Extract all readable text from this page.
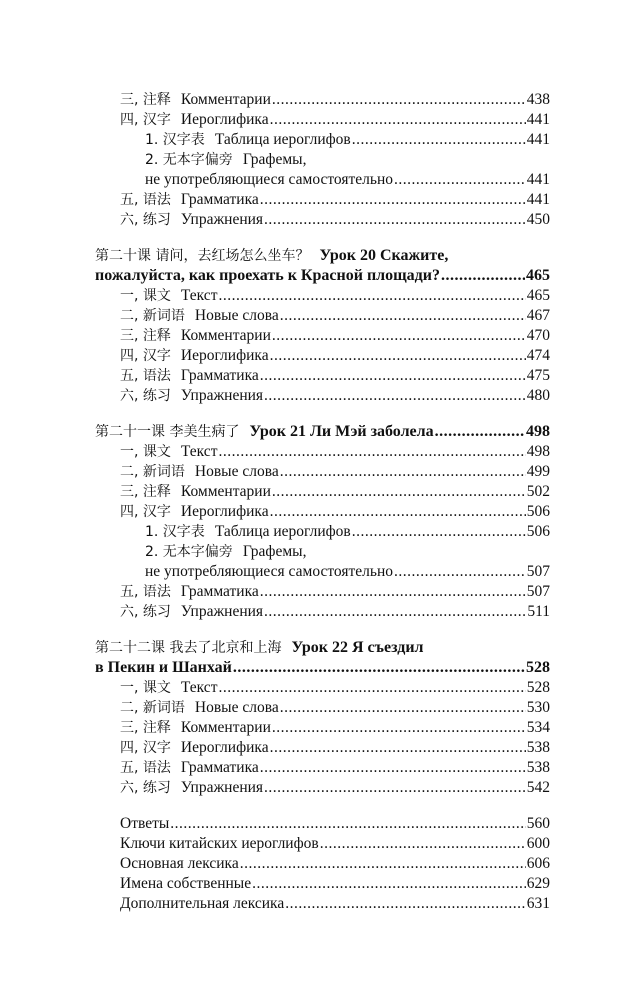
三, 注释 Комментарии .....	438
四, 汉字 Иероглифика .....	441
1. 汉字表 Таблица иероглифов .....	441
2. 无本字偏旁 Графемы,
не употребляющиеся самостоятельно .....	441
五, 语法 Грамматика .....	441
六, 练习 Упражнения .....	450
第二十课 请问，去红场怎么坐车？ Урок 20 Скажите,
пожалуйста, как проехать к Красной площади? .....	465
一, 课文 Текст .....	465
二, 新词语 Новые слова .....	467
三, 注释 Комментарии .....	470
四, 汉字 Иероглифика .....	474
五, 语法 Грамматика .....	475
六, 练习 Упражнения .....	480
第二十一课 李美生病了 Урок 21 Ли Мэй заболела .....	498
一, 课文 Текст .....	498
二, 新词语 Новые слова .....	499
三, 注释 Комментарии .....	502
四, 汉字 Иероглифика .....	506
1. 汉字表 Таблица иероглифов .....	506
2. 无本字偏旁 Графемы,
не употребляющиеся самостоятельно .....	507
五, 语法 Грамматика .....	507
六, 练习 Упражнения .....	511
第二十二课 我去了北京和上海 Урок 22 Я съездил
в Пекин и Шанхай .....	528
一, 课文 Текст .....	528
二, 新词语 Новые слова .....	530
三, 注释 Комментарии .....	534
四, 汉字 Иероглифика .....	538
五, 语法 Грамматика .....	538
六, 练习 Упражнения .....	542
Ответы .....	560
Ключи китайских иероглифов .....	600
Основная лексика .....	606
Имена собственные .....	629
Дополнительная лексика .....	631
